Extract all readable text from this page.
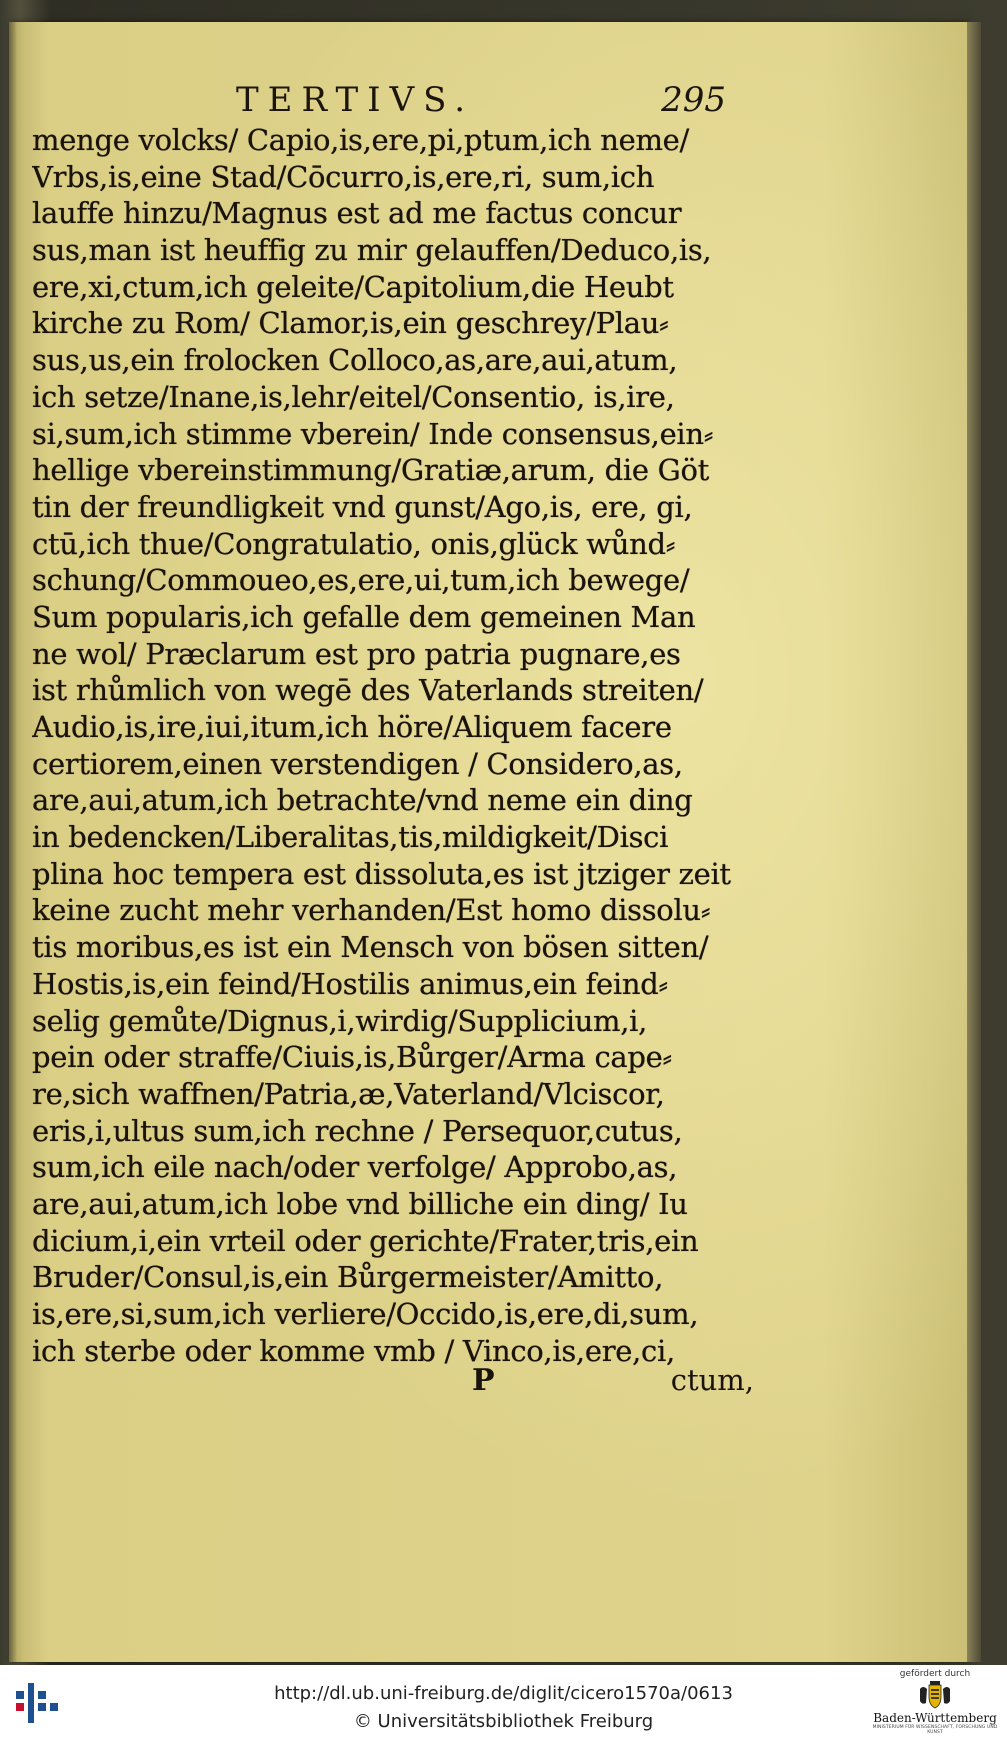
TERTIVS.	295
menge volcks/ Capio,is,ere,pi,ptum,ich neme/
Vrbs,is,eine Stad/Cōcurro,is,ere,ri, sum,ich
lauffe hinzu/Magnus est ad me factus concur
sus,man ist heuffig zu mir gelauffen/Deduco,is,
ere,xi,ctum,ich geleite/Capitolium,die Heubt
kirche zu Rom/ Clamor,is,ein geschrey/Plau⸗
sus,us,ein frolocken Colloco,as,are,aui,atum,
ich setze/Inane,is,lehr/eitel/Consentio, is,ire,
si,sum,ich stimme vberein/ Inde consensus,ein⸗
hellige vbereinstimmung/Gratiæ,arum, die Göt
tin der freundligkeit vnd gunst/Ago,is, ere, gi,
ctū,ich thue/Congratulatio, onis,glück wůnd⸗
schung/Commoueo,es,ere,ui,tum,ich bewege/
Sum popularis,ich gefalle dem gemeinen Man
ne wol/ Præclarum est pro patria pugnare,es
ist rhůmlich von wegē des Vaterlands streiten/
Audio,is,ire,iui,itum,ich höre/Aliquem facere
certiorem,einen verstendigen / Considero,as,
are,aui,atum,ich betrachte/vnd neme ein ding
in bedencken/Liberalitas,tis,mildigkeit/Disci
plina hoc tempera est dissoluta,es ist jtziger zeit
keine zucht mehr verhanden/Est homo dissolu⸗
tis moribus,es ist ein Mensch von bösen sitten/
Hostis,is,ein feind/Hostilis animus,ein feind⸗
selig gemůte/Dignus,i,wirdig/Supplicium,i,
pein oder straffe/Ciuis,is,Bůrger/Arma cape⸗
re,sich waffnen/Patria,æ,Vaterland/Vlciscor,
eris,i,ultus sum,ich rechne / Persequor,cutus,
sum,ich eile nach/oder verfolge/ Approbo,as,
are,aui,atum,ich lobe vnd billiche ein ding/ Iu
dicium,i,ein vrteil oder gerichte/Frater,tris,ein
Bruder/Consul,is,ein Bůrgermeister/Amitto,
is,ere,si,sum,ich verliere/Occido,is,ere,di,sum,
ich sterbe oder komme vmb / Vinco,is,ere,ci,
P	ctum,
http://dl.ub.uni-freiburg.de/diglit/cicero1570a/0613
© Universitätsbibliothek Freiburg
gefördert durch
Baden-Württemberg
MINISTERIUM FÜR WISSENSCHAFT, FORSCHUNG UND KUNST
